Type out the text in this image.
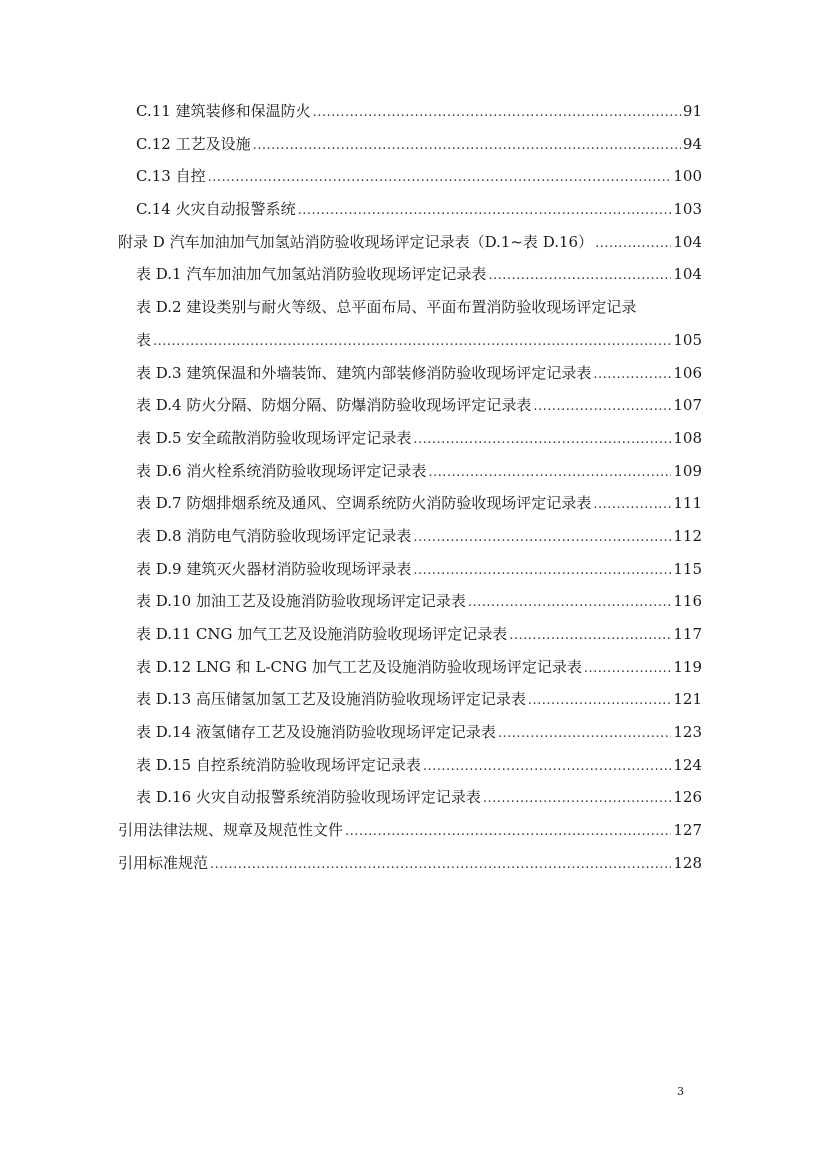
C.11 建筑装修和保温防火 .....	91
C.12 工艺及设施 .....	94
C.13 自控 .....	100
C.14 火灾自动报警系统 .....	103
附录 D 汽车加油加气加氢站消防验收现场评定记录表（D.1~表 D.16） .....	104
表 D.1 汽车加油加气加氢站消防验收现场评定记录表 .....	104
表 D.2 建设类别与耐火等级、总平面布局、平面布置消防验收现场评定记录
表 .....	105
表 D.3 建筑保温和外墙装饰、建筑内部装修消防验收现场评定记录表 .....	106
表 D.4 防火分隔、防烟分隔、防爆消防验收现场评定记录表 .....	107
表 D.5 安全疏散消防验收现场评定记录表 .....	108
表 D.6 消火栓系统消防验收现场评定记录表 .....	109
表 D.7 防烟排烟系统及通风、空调系统防火消防验收现场评定记录表 .....	111
表 D.8 消防电气消防验收现场评定记录表 .....	112
表 D.9 建筑灭火器材消防验收现场评录表 .....	115
表 D.10 加油工艺及设施消防验收现场评定记录表 .....	116
表 D.11 CNG 加气工艺及设施消防验收现场评定记录表 .....	117
表 D.12 LNG 和 L-CNG 加气工艺及设施消防验收现场评定记录表 .....	119
表 D.13 高压储氢加氢工艺及设施消防验收现场评定记录表 .....	121
表 D.14 液氢储存工艺及设施消防验收现场评定记录表 .....	123
表 D.15 自控系统消防验收现场评定记录表 .....	124
表 D.16 火灾自动报警系统消防验收现场评定记录表 .....	126
引用法律法规、规章及规范性文件 .....	127
引用标准规范 .....	128
3
